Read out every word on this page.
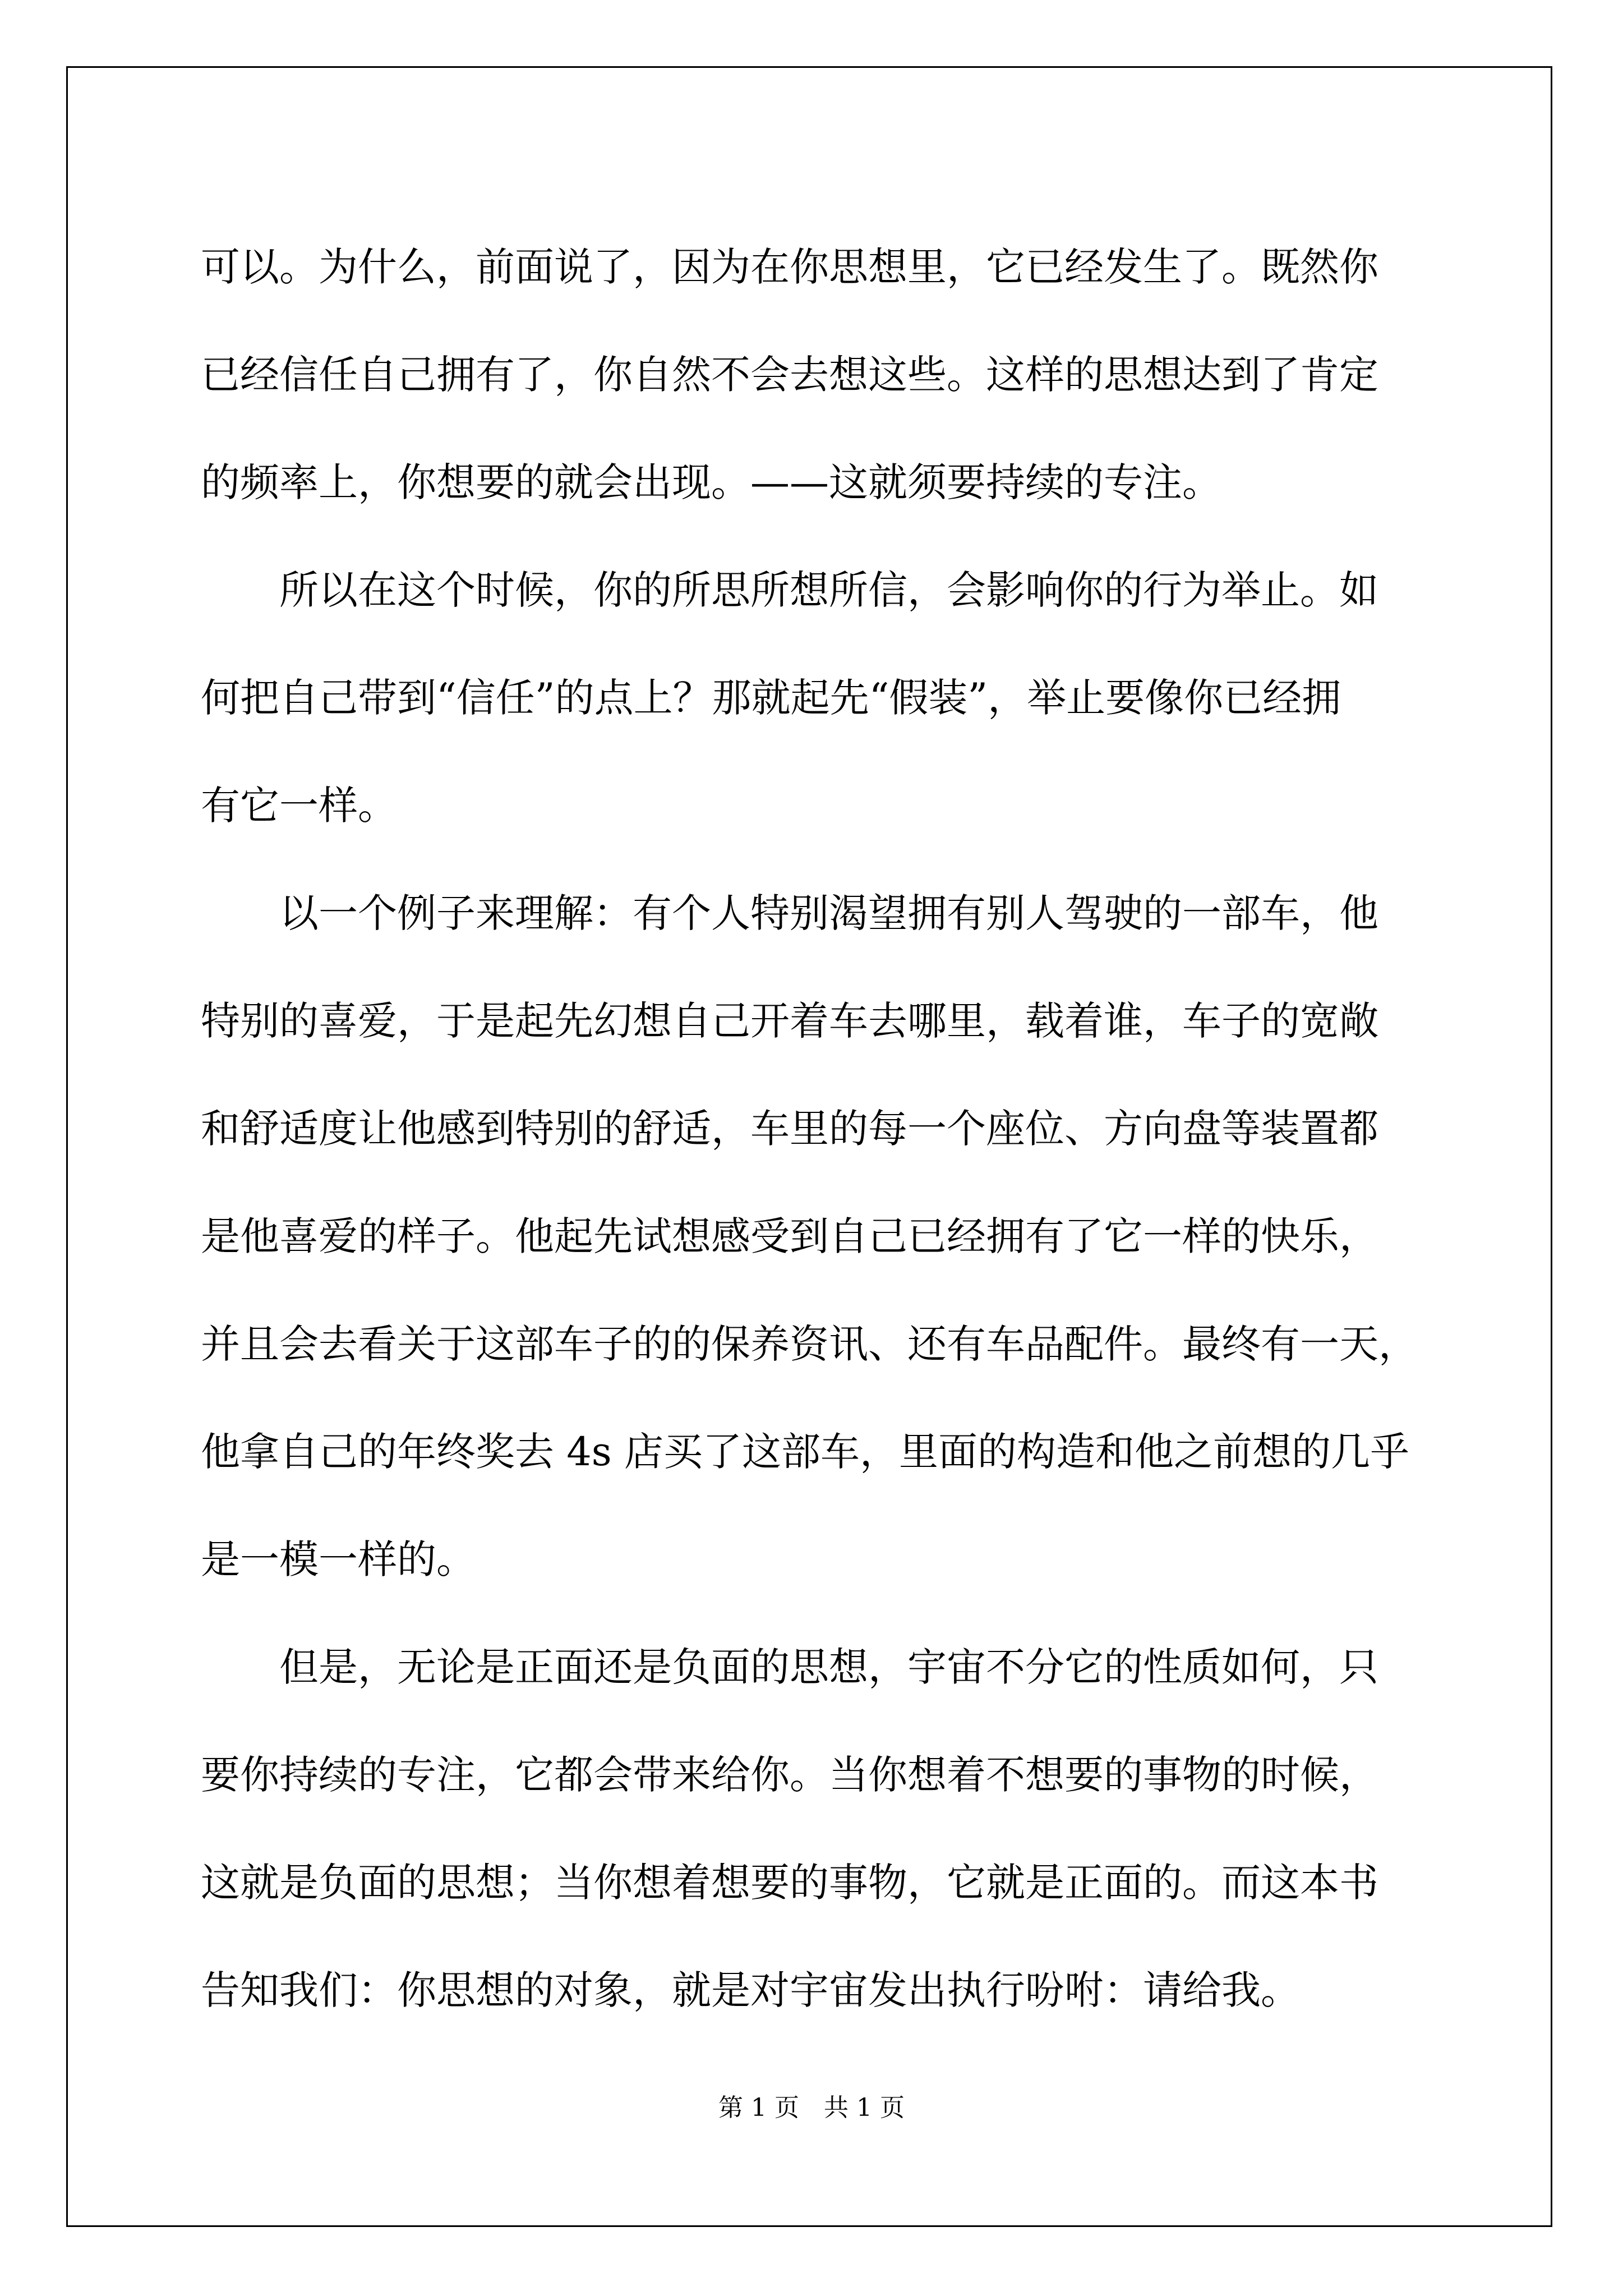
可以。为什么，前面说了，因为在你思想里，它已经发生了。既然你
已经信任自己拥有了，你自然不会去想这些。这样的思想达到了肯定
的频率上，你想要的就会出现。——这就须要持续的专注。
所以在这个时候，你的所思所想所信，会影响你的行为举止。如
何把自己带到“信任”的点上？那就起先“假装”，举止要像你已经拥
有它一样。
以一个例子来理解：有个人特别渴望拥有别人驾驶的一部车，他
特别的喜爱，于是起先幻想自己开着车去哪里，载着谁，车子的宽敞
和舒适度让他感到特别的舒适，车里的每一个座位、方向盘等装置都
是他喜爱的样子。他起先试想感受到自己已经拥有了它一样的快乐，
并且会去看关于这部车子的的保养资讯、还有车品配件。最终有一天，
他拿自己的年终奖去 4s 店买了这部车，里面的构造和他之前想的几乎
是一模一样的。
但是，无论是正面还是负面的思想，宇宙不分它的性质如何，只
要你持续的专注，它都会带来给你。当你想着不想要的事物的时候，
这就是负面的思想；当你想着想要的事物，它就是正面的。而这本书
告知我们：你思想的对象，就是对宇宙发出执行吩咐：请给我。
第 1 页 共 1 页
